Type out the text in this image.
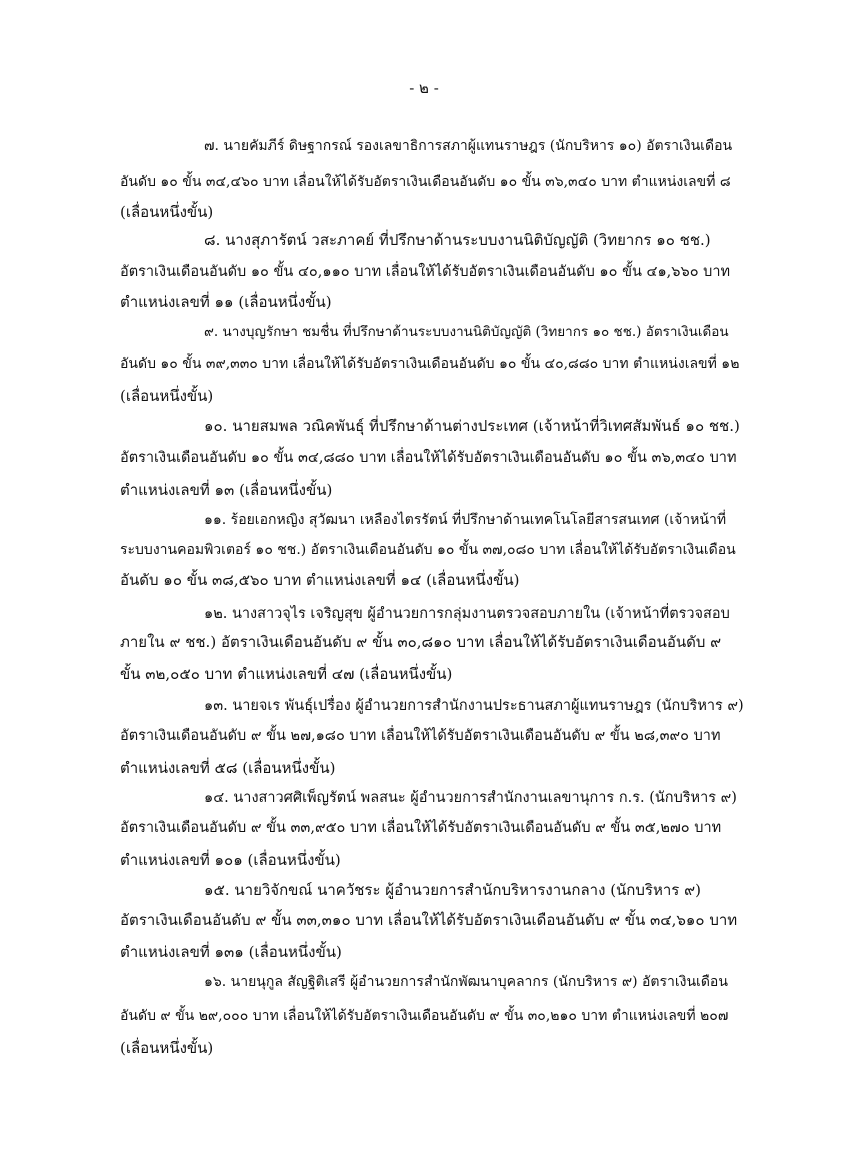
- ๒ -
๗. นายคัมภีร์ ดิษฐากรณ์ รองเลขาธิการสภาผู้แทนราษฎร (นักบริหาร ๑๐) อัตราเงินเดือน
อันดับ ๑๐ ขั้น ๓๔,๔๖๐ บาท เลื่อนให้ได้รับอัตราเงินเดือนอันดับ ๑๐ ขั้น ๓๖,๓๔๐ บาท ตำแหน่งเลขที่ ๘
(เลื่อนหนึ่งขั้น)
๘. นางสุภารัตน์ วสะภาคย์ ที่ปรึกษาด้านระบบงานนิติบัญญัติ (วิทยากร ๑๐ ชช.)
อัตราเงินเดือนอันดับ ๑๐ ขั้น ๔๐,๑๑๐ บาท เลื่อนให้ได้รับอัตราเงินเดือนอันดับ ๑๐ ขั้น ๔๑,๖๖๐ บาท
ตำแหน่งเลขที่ ๑๑ (เลื่อนหนึ่งขั้น)
๙. นางบุญรักษา ชมชื่น ที่ปรึกษาด้านระบบงานนิติบัญญัติ (วิทยากร ๑๐ ชช.) อัตราเงินเดือน
อันดับ ๑๐ ขั้น ๓๙,๓๓๐ บาท เลื่อนให้ได้รับอัตราเงินเดือนอันดับ ๑๐ ขั้น ๔๐,๘๘๐ บาท ตำแหน่งเลขที่ ๑๒
(เลื่อนหนึ่งขั้น)
๑๐. นายสมพล วณิคพันธุ์ ที่ปรึกษาด้านต่างประเทศ (เจ้าหน้าที่วิเทศสัมพันธ์ ๑๐ ชช.)
อัตราเงินเดือนอันดับ ๑๐ ขั้น ๓๔,๘๘๐ บาท เลื่อนให้ได้รับอัตราเงินเดือนอันดับ ๑๐ ขั้น ๓๖,๓๔๐ บาท
ตำแหน่งเลขที่ ๑๓ (เลื่อนหนึ่งขั้น)
๑๑. ร้อยเอกหญิง สุวัฒนา เหลืองไตรรัตน์ ที่ปรึกษาด้านเทคโนโลยีสารสนเทศ (เจ้าหน้าที่
ระบบงานคอมพิวเตอร์ ๑๐ ชช.) อัตราเงินเดือนอันดับ ๑๐ ขั้น ๓๗,๐๘๐ บาท เลื่อนให้ได้รับอัตราเงินเดือน
อันดับ ๑๐ ขั้น ๓๘,๕๖๐ บาท ตำแหน่งเลขที่ ๑๔ (เลื่อนหนึ่งขั้น)
๑๒. นางสาวจุไร เจริญสุข ผู้อำนวยการกลุ่มงานตรวจสอบภายใน (เจ้าหน้าที่ตรวจสอบ
ภายใน ๙ ชช.) อัตราเงินเดือนอันดับ ๙ ขั้น ๓๐,๘๑๐ บาท เลื่อนให้ได้รับอัตราเงินเดือนอันดับ ๙
ขั้น ๓๒,๐๕๐ บาท ตำแหน่งเลขที่ ๔๗ (เลื่อนหนึ่งขั้น)
๑๓. นายจเร พันธุ์เปรื่อง ผู้อำนวยการสำนักงานประธานสภาผู้แทนราษฎร (นักบริหาร ๙)
อัตราเงินเดือนอันดับ ๙ ขั้น ๒๗,๑๘๐ บาท เลื่อนให้ได้รับอัตราเงินเดือนอันดับ ๙ ขั้น ๒๘,๓๙๐ บาท
ตำแหน่งเลขที่ ๕๘ (เลื่อนหนึ่งขั้น)
๑๔. นางสาวศศิเพ็ญรัตน์ พลสนะ ผู้อำนวยการสำนักงานเลขานุการ ก.ร. (นักบริหาร ๙)
อัตราเงินเดือนอันดับ ๙ ขั้น ๓๓,๙๕๐ บาท เลื่อนให้ได้รับอัตราเงินเดือนอันดับ ๙ ขั้น ๓๕,๒๗๐ บาท
ตำแหน่งเลขที่ ๑๐๑ (เลื่อนหนึ่งขั้น)
๑๕. นายวิจักขณ์ นาควัชระ ผู้อำนวยการสำนักบริหารงานกลาง (นักบริหาร ๙)
อัตราเงินเดือนอันดับ ๙ ขั้น ๓๓,๓๑๐ บาท เลื่อนให้ได้รับอัตราเงินเดือนอันดับ ๙ ขั้น ๓๔,๖๑๐ บาท
ตำแหน่งเลขที่ ๑๓๑ (เลื่อนหนึ่งขั้น)
๑๖. นายนุกูล สัญฐิติเสรี ผู้อำนวยการสำนักพัฒนาบุคลากร (นักบริหาร ๙) อัตราเงินเดือน
อันดับ ๙ ขั้น ๒๙,๐๐๐ บาท เลื่อนให้ได้รับอัตราเงินเดือนอันดับ ๙ ขั้น ๓๐,๒๑๐ บาท ตำแหน่งเลขที่ ๒๐๗
(เลื่อนหนึ่งขั้น)
